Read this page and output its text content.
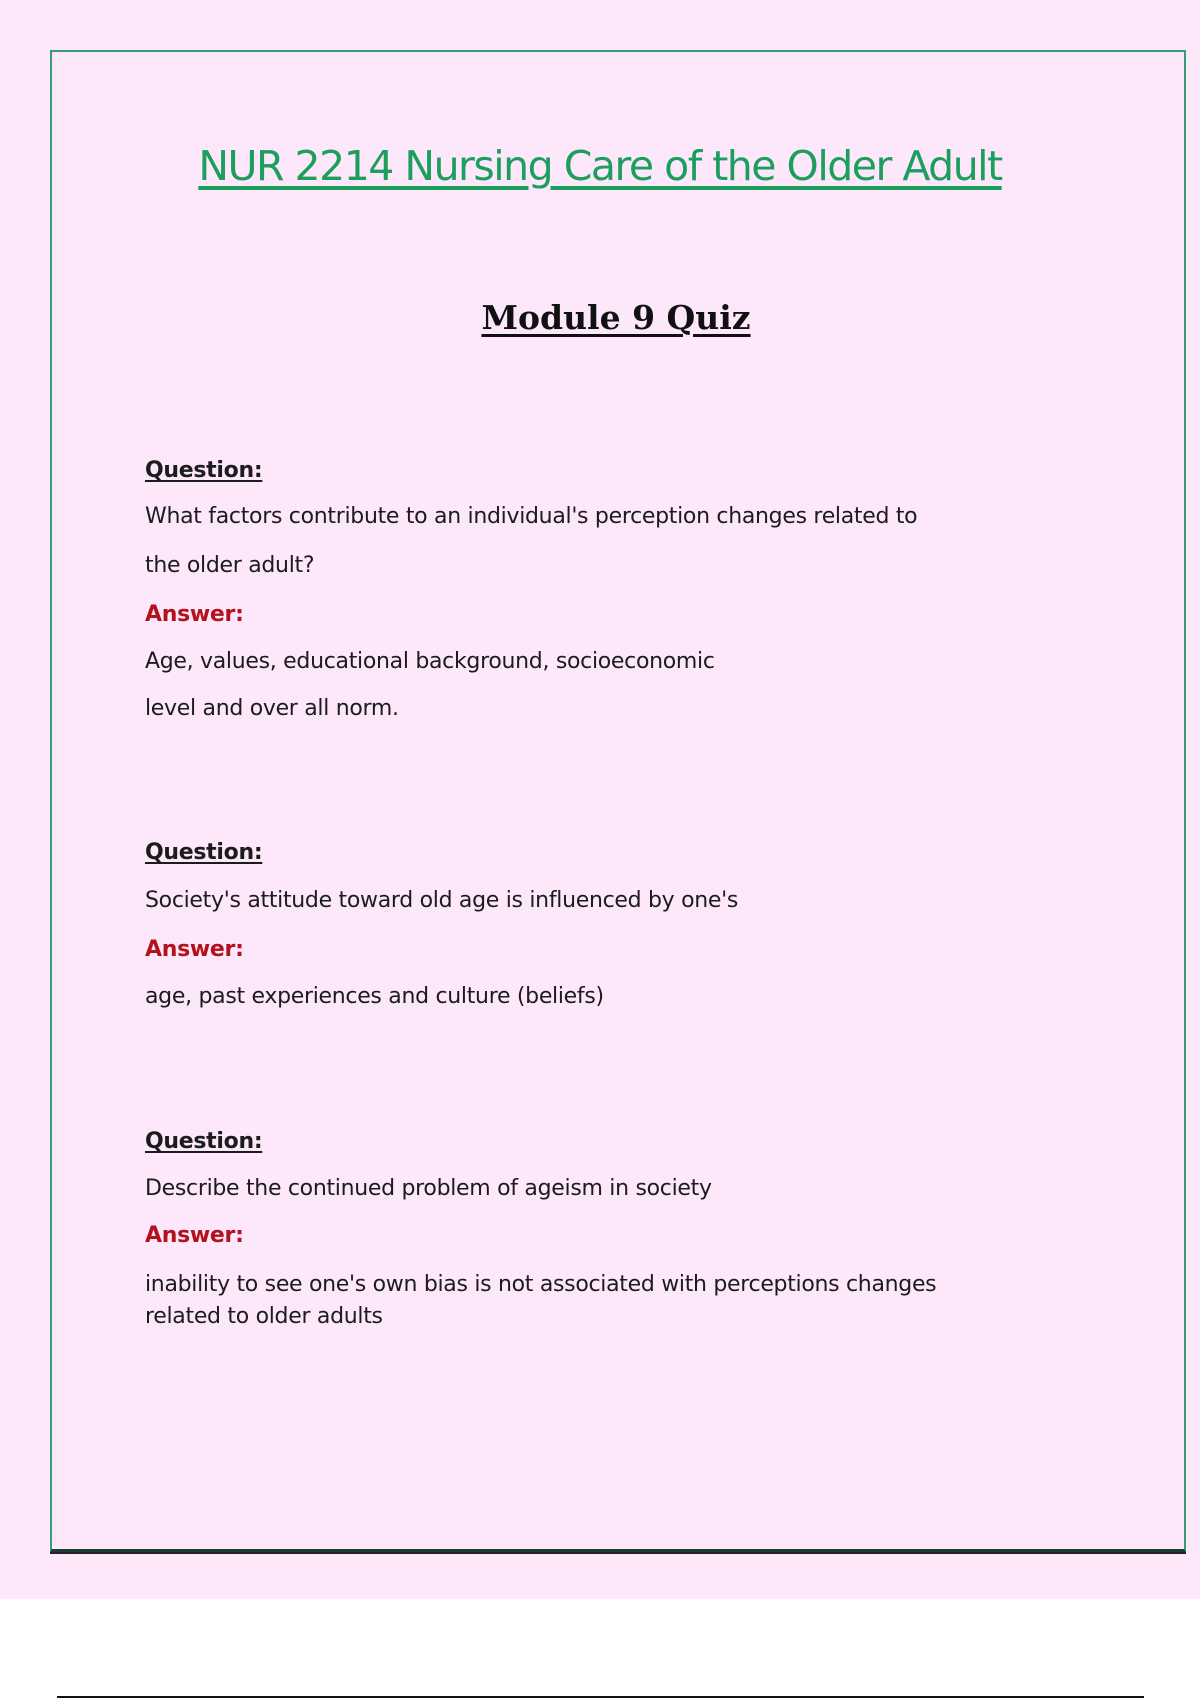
NUR 2214 Nursing Care of the Older Adult
Module 9 Quiz
Question:
What factors contribute to an individual's perception changes related to
the older adult?
Answer:
Age, values, educational background, socioeconomic
level and over all norm.
Question:
Society's attitude toward old age is influenced by one's
Answer:
age, past experiences and culture (beliefs)
Question:
Describe the continued problem of ageism in society
Answer:
inability to see one's own bias is not associated with perceptions changes
related to older adults
